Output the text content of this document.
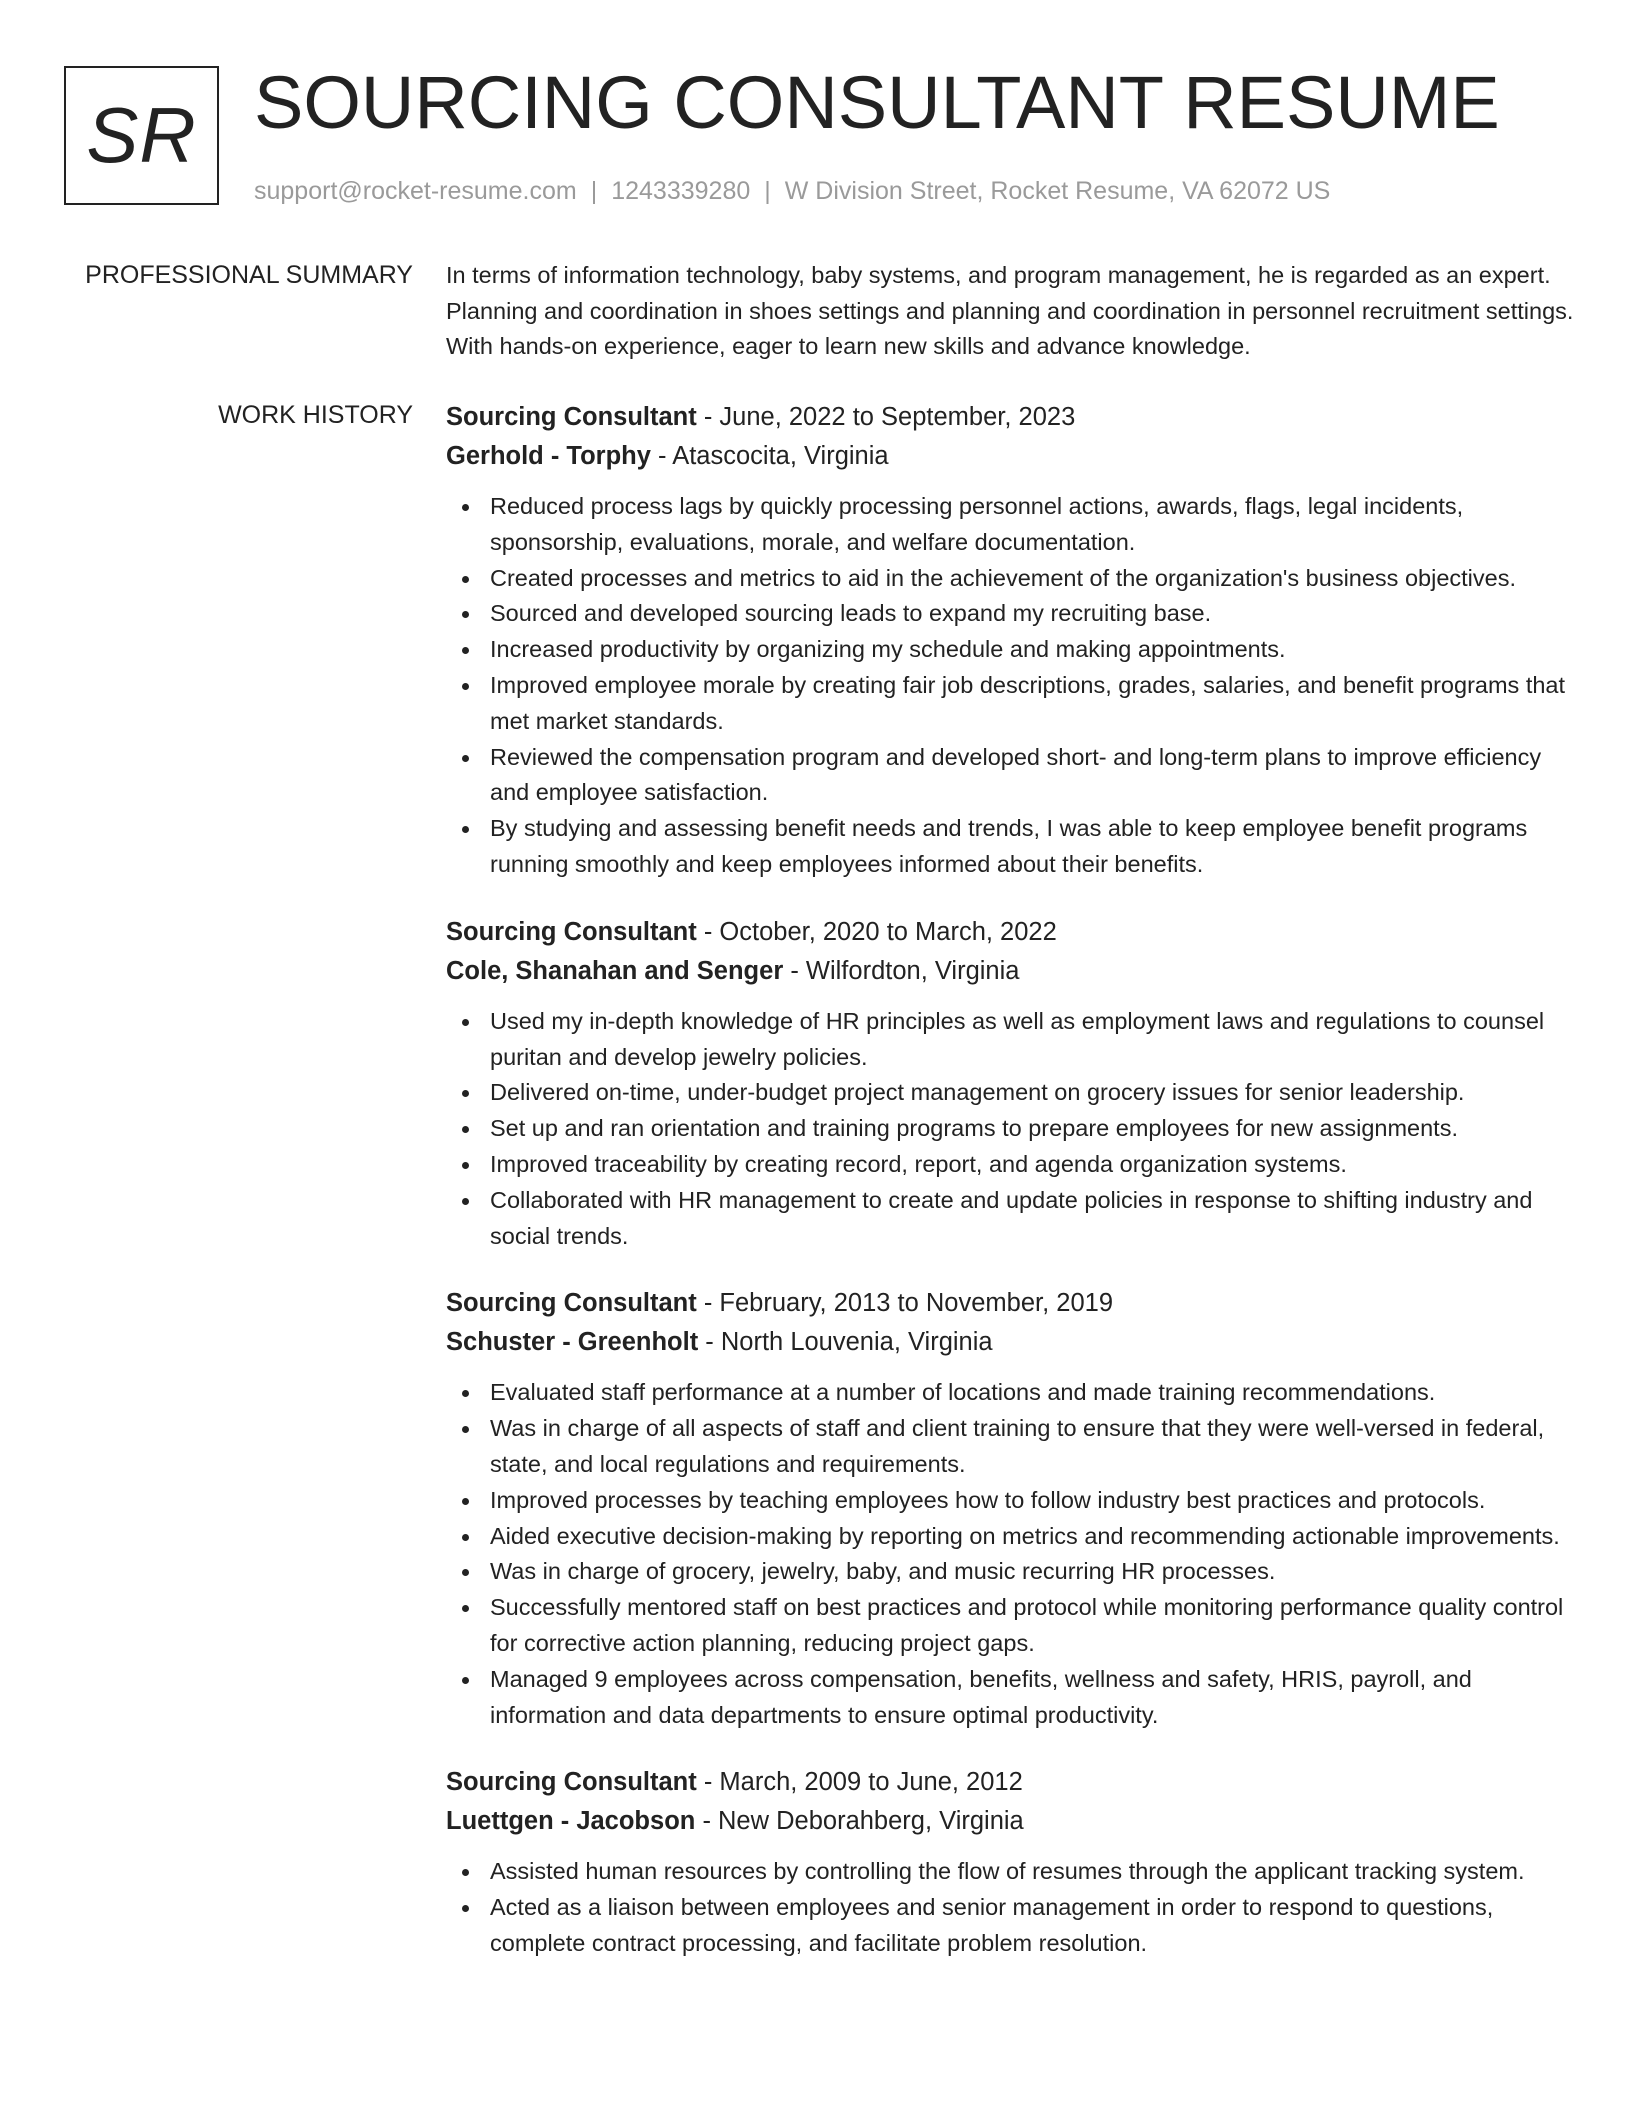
SR SOURCING CONSULTANT RESUME
support@rocket-resume.com | 1243339280 | W Division Street, Rocket Resume, VA 62072 US
PROFESSIONAL SUMMARY In terms of information technology, baby systems, and program management, he is regarded as an expert. Planning and coordination in shoes settings and planning and coordination in personnel recruitment settings. With hands-on experience, eager to learn new skills and advance knowledge.

WORK HISTORY Sourcing Consultant - June, 2022 to September, 2023
Gerhold - Torphy - Atascocita, Virginia
Reduced process lags by quickly processing personnel actions, awards, flags, legal incidents, sponsorship, evaluations, morale, and welfare documentation.
Created processes and metrics to aid in the achievement of the organization's business objectives.
Sourced and developed sourcing leads to expand my recruiting base.
Increased productivity by organizing my schedule and making appointments.
Improved employee morale by creating fair job descriptions, grades, salaries, and benefit programs that met market standards.
Reviewed the compensation program and developed short- and long-term plans to improve efficiency and employee satisfaction.
By studying and assessing benefit needs and trends, I was able to keep employee benefit programs running smoothly and keep employees informed about their benefits.
Sourcing Consultant - October, 2020 to March, 2022
Cole, Shanahan and Senger - Wilfordton, Virginia
Used my in-depth knowledge of HR principles as well as employment laws and regulations to counsel puritan and develop jewelry policies.
Delivered on-time, under-budget project management on grocery issues for senior leadership.
Set up and ran orientation and training programs to prepare employees for new assignments.
Improved traceability by creating record, report, and agenda organization systems.
Collaborated with HR management to create and update policies in response to shifting industry and social trends.
Sourcing Consultant - February, 2013 to November, 2019
Schuster - Greenholt - North Louvenia, Virginia
Evaluated staff performance at a number of locations and made training recommendations.
Was in charge of all aspects of staff and client training to ensure that they were well-versed in federal, state, and local regulations and requirements.
Improved processes by teaching employees how to follow industry best practices and protocols.
Aided executive decision-making by reporting on metrics and recommending actionable improvements.
Was in charge of grocery, jewelry, baby, and music recurring HR processes.
Successfully mentored staff on best practices and protocol while monitoring performance quality control for corrective action planning, reducing project gaps.
Managed 9 employees across compensation, benefits, wellness and safety, HRIS, payroll, and information and data departments to ensure optimal productivity.
Sourcing Consultant - March, 2009 to June, 2012
Luettgen - Jacobson - New Deborahberg, Virginia
Assisted human resources by controlling the flow of resumes through the applicant tracking system.
Acted as a liaison between employees and senior management in order to respond to questions, complete contract processing, and facilitate problem resolution.
